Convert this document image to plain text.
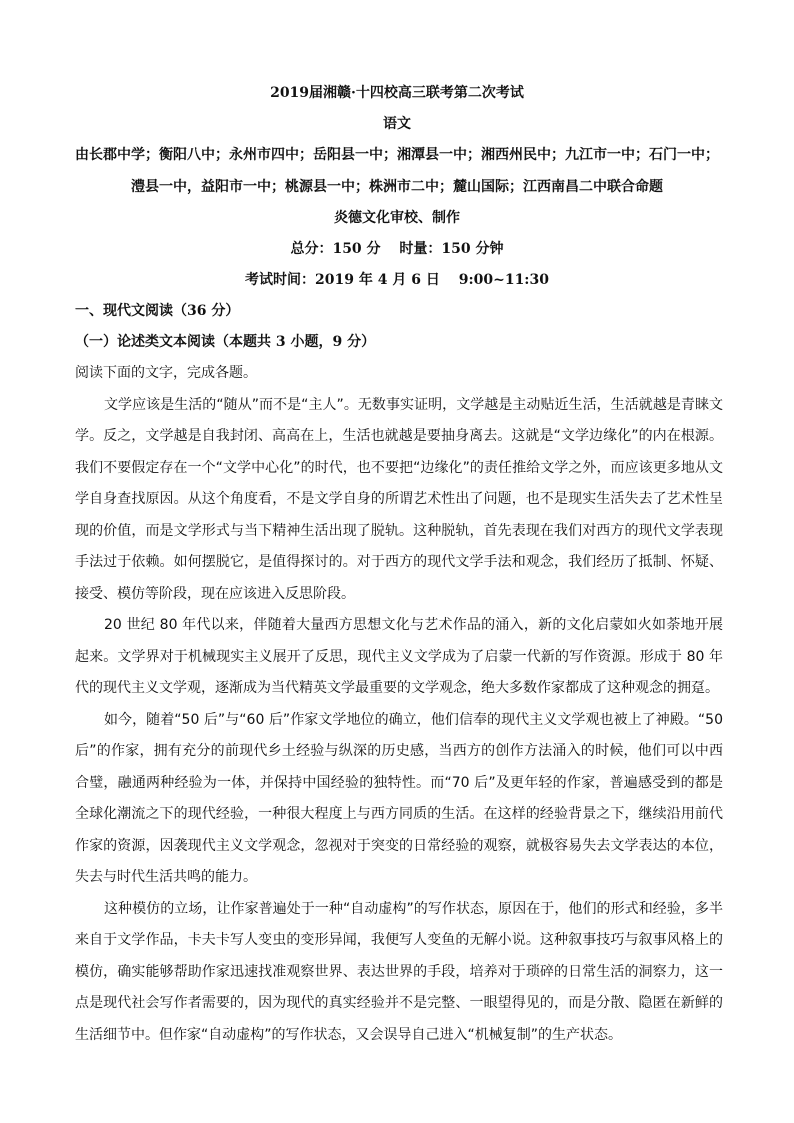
2019届湘赣·十四校高三联考第二次考试
语文
由长郡中学；衡阳八中；永州市四中；岳阳县一中；湘潭县一中；湘西州民中；九江市一中；石门一中；
澧县一中，益阳市一中；桃源县一中；株洲市二中；麓山国际；江西南昌二中联合命题
炎德文化审校、制作
总分：150 分　 时量：150 分钟
考试时间：2019 年 4 月 6 日　 9:00~11:30
一、现代文阅读（36 分）
（一）论述类文本阅读（本题共 3 小题，9 分）

阅读下面的文字，完成各题。

文学应该是生活的“随从”而不是“主人”。无数事实证明，文学越是主动贴近生活，生活就越是青睐文学。反之，文学越是自我封闭、高高在上，生活也就越是要抽身离去。这就是“文学边缘化”的内在根源。我们不要假定存在一个“文学中心化”的时代，也不要把“边缘化”的责任推给文学之外，而应该更多地从文学自身查找原因。从这个角度看，不是文学自身的所谓艺术性出了问题，也不是现实生活失去了艺术性呈现的价值，而是文学形式与当下精神生活出现了脱轨。这种脱轨，首先表现在我们对西方的现代文学表现手法过于依赖。如何摆脱它，是值得探讨的。对于西方的现代文学手法和观念，我们经历了抵制、怀疑、接受、模仿等阶段，现在应该进入反思阶段。

20 世纪 80 年代以来，伴随着大量西方思想文化与艺术作品的涌入，新的文化启蒙如火如荼地开展起来。文学界对于机械现实主义展开了反思，现代主义文学成为了启蒙一代新的写作资源。形成于 80 年代的现代主义文学观，逐渐成为当代精英文学最重要的文学观念，绝大多数作家都成了这种观念的拥趸。

如今，随着“50 后”与“60 后”作家文学地位的确立，他们信奉的现代主义文学观也被上了神殿。“50 后”的作家，拥有充分的前现代乡土经验与纵深的历史感，当西方的创作方法涌入的时候，他们可以中西合璧，融通两种经验为一体，并保持中国经验的独特性。而“70 后”及更年轻的作家，普遍感受到的都是全球化潮流之下的现代经验，一种很大程度上与西方同质的生活。在这样的经验背景之下，继续沿用前代作家的资源，因袭现代主义文学观念，忽视对于突变的日常经验的观察，就极容易失去文学表达的本位，失去与时代生活共鸣的能力。

这种模仿的立场，让作家普遍处于一种“自动虚构”的写作状态，原因在于，他们的形式和经验，多半来自于文学作品，卡夫卡写人变虫的变形异闻，我便写人变鱼的无解小说。这种叙事技巧与叙事风格上的模仿，确实能够帮助作家迅速找准观察世界、表达世界的手段，培养对于琐碎的日常生活的洞察力，这一点是现代社会写作者需要的，因为现代的真实经验并不是完整、一眼望得见的，而是分散、隐匿在新鲜的生活细节中。但作家“自动虚构”的写作状态，又会误导自己进入“机械复制”的生产状态。
